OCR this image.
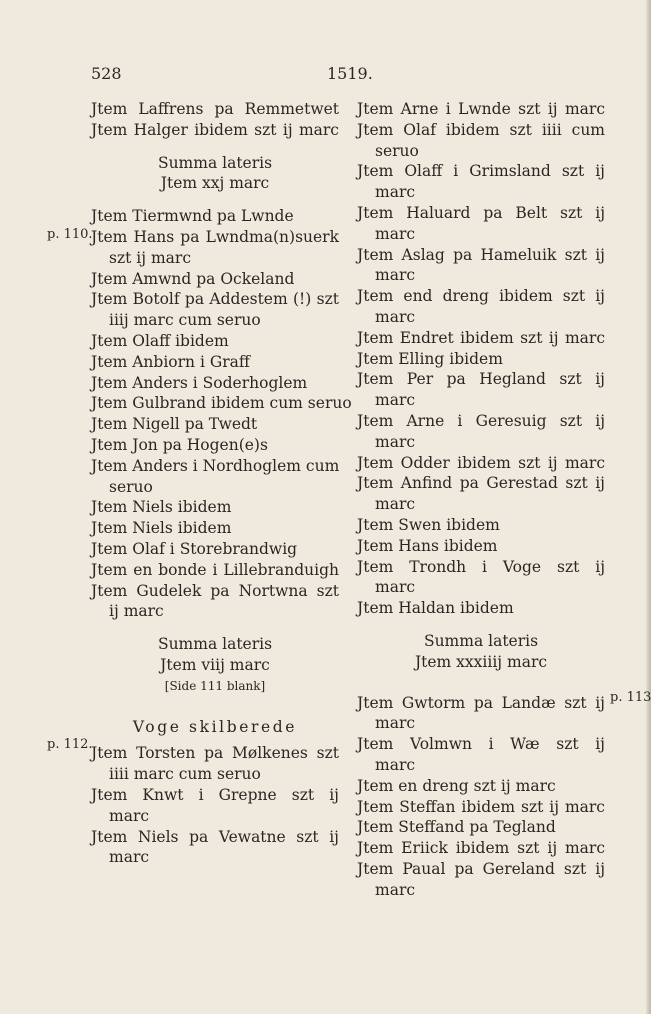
528	1519.
p. 110.
p. 112.
p. 113
Jtem Laffrens pa Remmetwet
Jtem Halger ibidem szt ij marc
Summa lateris
Jtem xxj marc
Jtem Tiermwnd pa Lwnde
Jtem Hans pa Lwndma(n)suerk
szt ij marc
Jtem Amwnd pa Ockeland
Jtem Botolf pa Addestem (!) szt
iiij marc cum seruo
Jtem Olaff ibidem
Jtem Anbiorn i Graff
Jtem Anders i Soderhoglem
Jtem Gulbrand ibidem cum seruo
Jtem Nigell pa Twedt
Jtem Jon pa Hogen(e)s
Jtem Anders i Nordhoglem cum
seruo
Jtem Niels ibidem
Jtem Niels ibidem
Jtem Olaf i Storebrandwig
Jtem en bonde i Lillebranduigh
Jtem Gudelek pa Nortwna szt
ij marc
Summa lateris
Jtem viij marc
[Side 111 blank]
Voge skilberede
Jtem Torsten pa Mølkenes szt
iiii marc cum seruo
Jtem Knwt i Grepne szt ij
marc
Jtem Niels pa Vewatne szt ij
marc
Jtem Arne i Lwnde szt ij marc
Jtem Olaf ibidem szt iiii cum
seruo
Jtem Olaff i Grimsland szt ij
marc
Jtem Haluard pa Belt szt ij
marc
Jtem Aslag pa Hameluik szt ij
marc
Jtem end dreng ibidem szt ij
marc
Jtem Endret ibidem szt ij marc
Jtem Elling ibidem
Jtem Per pa Hegland szt ij
marc
Jtem Arne i Geresuig szt ij
marc
Jtem Odder ibidem szt ij marc
Jtem Anfind pa Gerestad szt ij
marc
Jtem Swen ibidem
Jtem Hans ibidem
Jtem Trondh i Voge szt ij
marc
Jtem Haldan ibidem
Summa lateris
Jtem xxxiiij marc
Jtem Gwtorm pa Landæ szt ij
marc
Jtem Volmwn i Wæ szt ij
marc
Jtem en dreng szt ij marc
Jtem Steffan ibidem szt ij marc
Jtem Steffand pa Tegland
Jtem Eriick ibidem szt ij marc
Jtem Paual pa Gereland szt ij
marc
